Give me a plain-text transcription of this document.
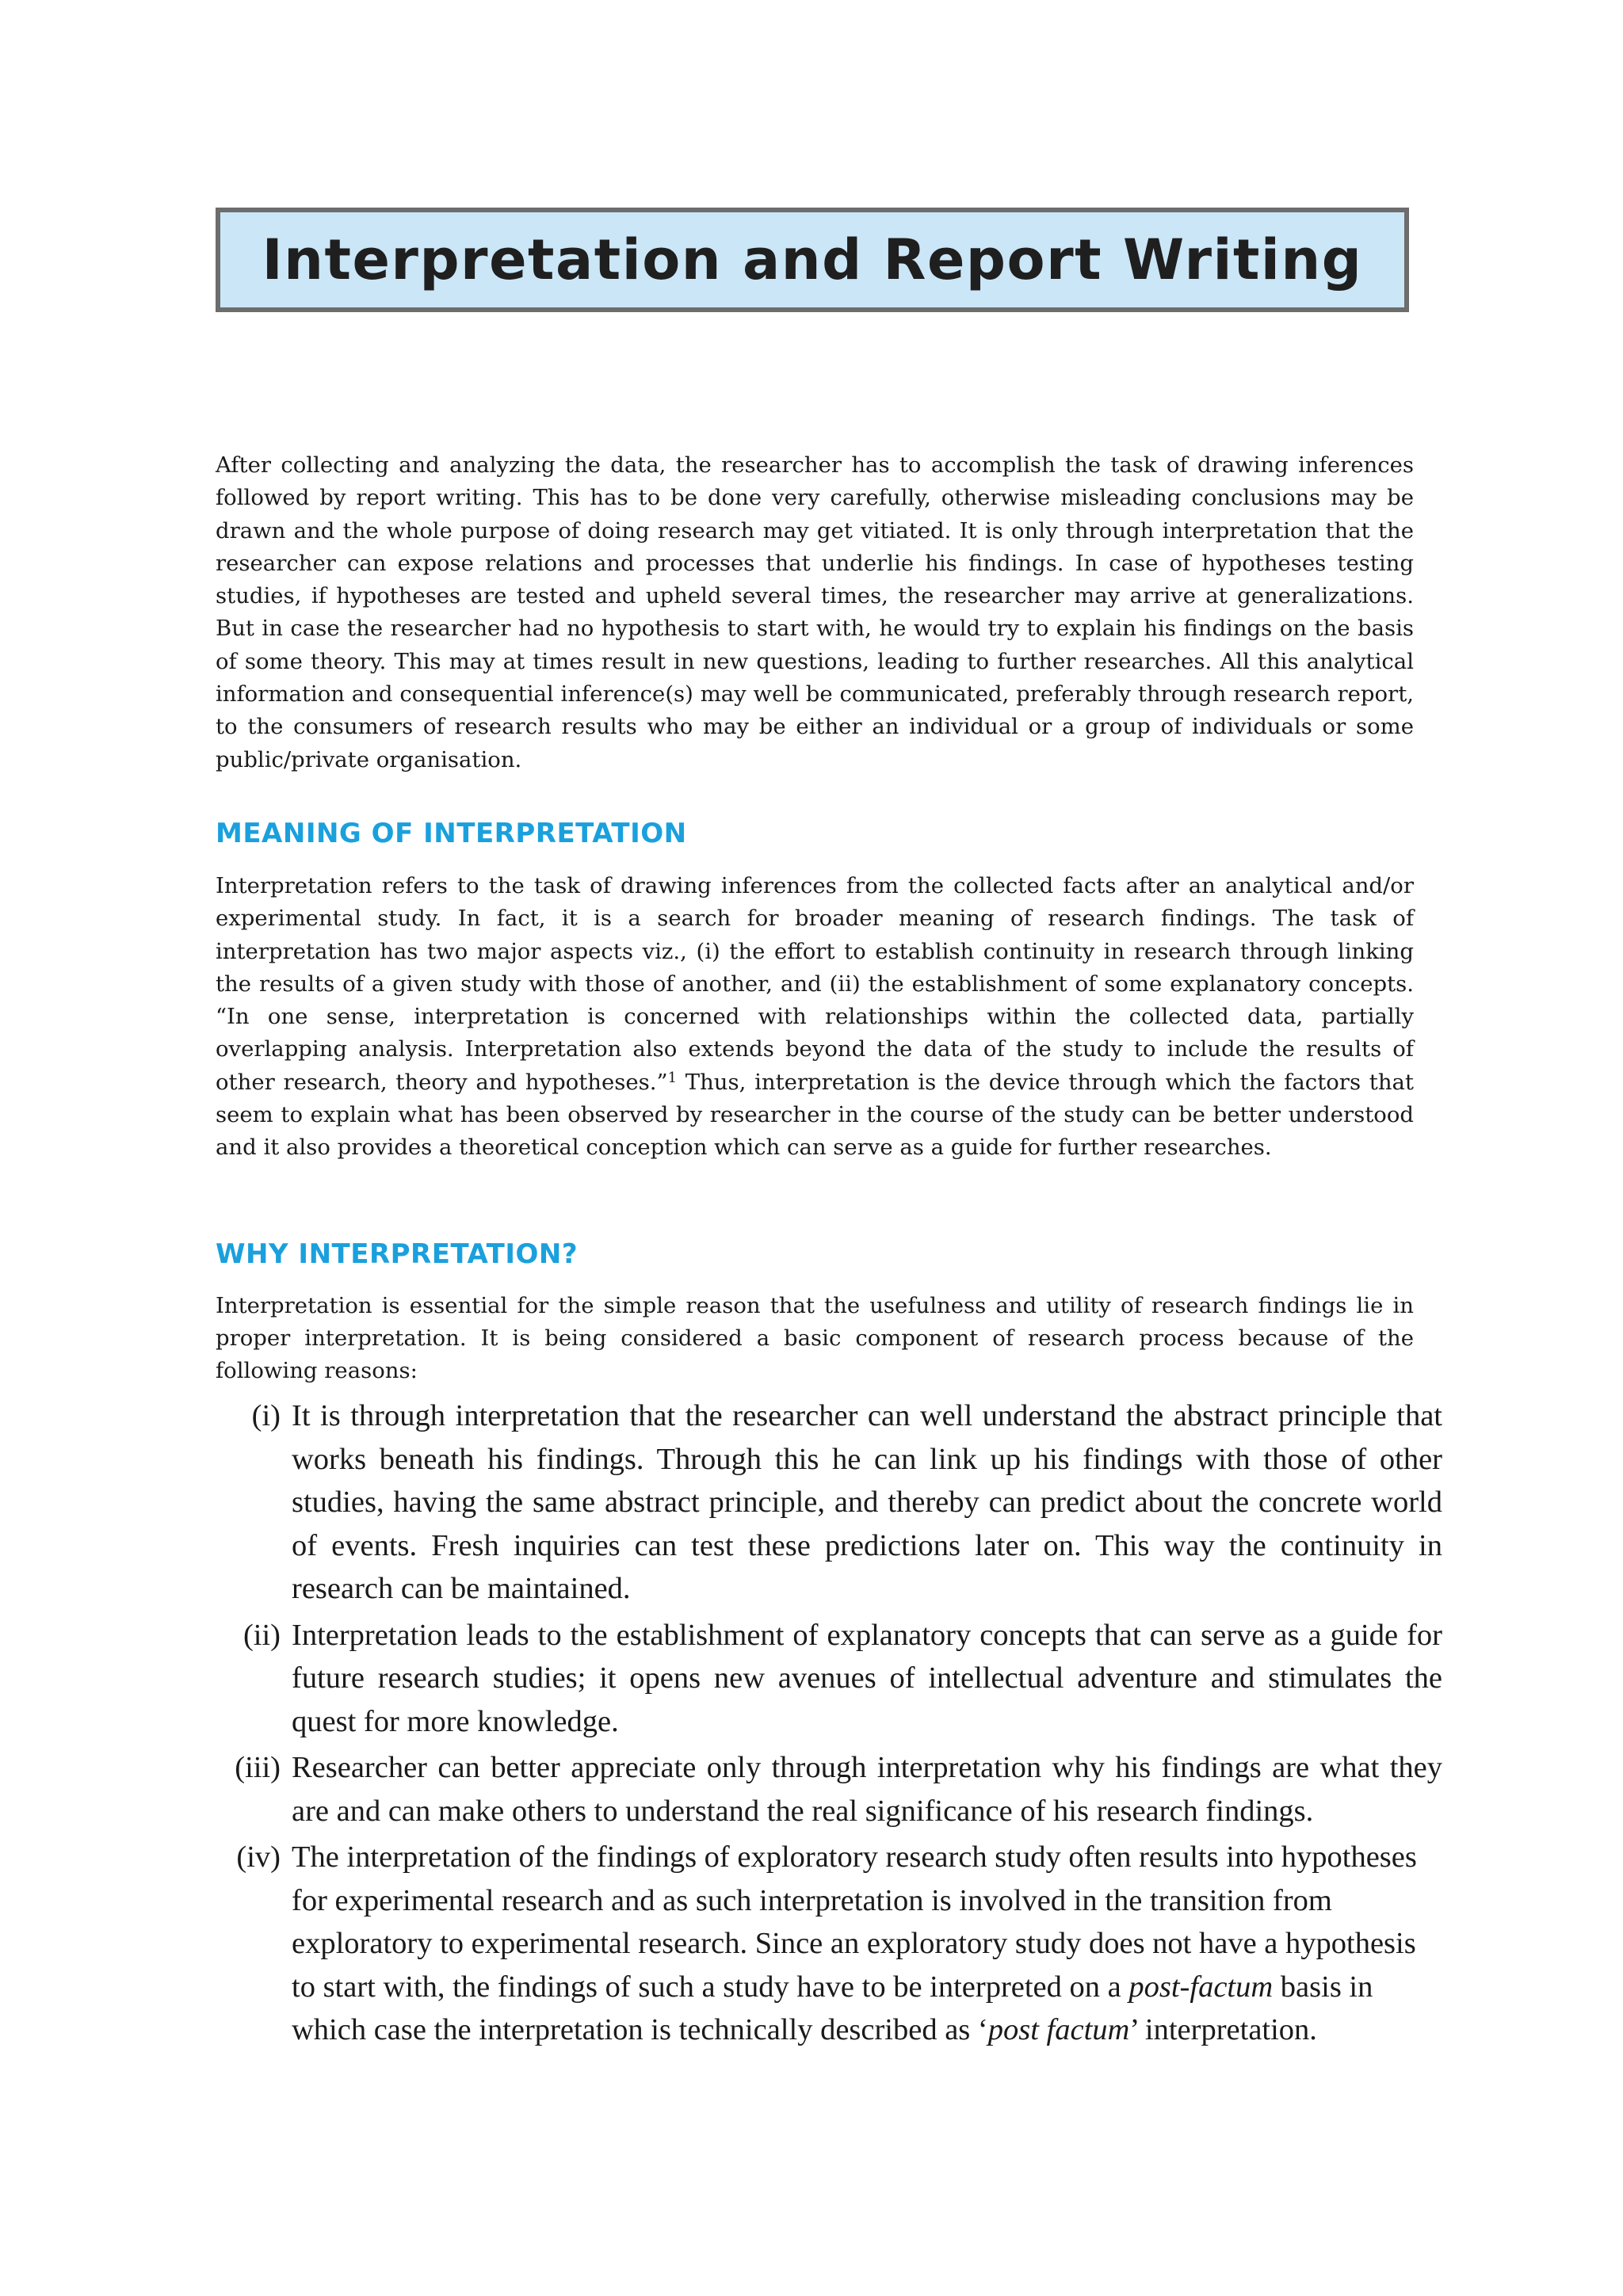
Interpretation and Report Writing

After collecting and analyzing the data, the researcher has to accomplish the task of drawing inferences followed by report writing. This has to be done very carefully, otherwise misleading conclusions may be drawn and the whole purpose of doing research may get vitiated. It is only through interpretation that the researcher can expose relations and processes that underlie his findings. In case of hypotheses testing studies, if hypotheses are tested and upheld several times, the researcher may arrive at generalizations. But in case the researcher had no hypothesis to start with, he would try to explain his findings on the basis of some theory. This may at times result in new questions, leading to further researches. All this analytical information and consequential inference(s) may well be communicated, preferably through research report, to the consumers of research results who may be either an individual or a group of individuals or some public/private organisation.

MEANING OF INTERPRETATION

Interpretation refers to the task of drawing inferences from the collected facts after an analytical and/or experimental study. In fact, it is a search for broader meaning of research findings. The task of interpretation has two major aspects viz., (i) the effort to establish continuity in research through linking the results of a given study with those of another, and (ii) the establishment of some explanatory concepts. “In one sense, interpretation is concerned with relationships within the collected data, partially overlapping analysis. Interpretation also extends beyond the data of the study to include the results of other research, theory and hypotheses.”$^1$ Thus, interpretation is the device through which the factors that seem to explain what has been observed by researcher in the course of the study can be better understood and it also provides a theoretical conception which can serve as a guide for further researches.

WHY INTERPRETATION?

Interpretation is essential for the simple reason that the usefulness and utility of research findings lie in proper interpretation. It is being considered a basic component of research process because of the following reasons:

(i) It is through interpretation that the researcher can well understand the abstract principle that works beneath his findings. Through this he can link up his findings with those of other studies, having the same abstract principle, and thereby can predict about the concrete world of events. Fresh inquiries can test these predictions later on. This way the continuity in research can be maintained.
(ii) Interpretation leads to the establishment of explanatory concepts that can serve as a guide for future research studies; it opens new avenues of intellectual adventure and stimulates the quest for more knowledge.
(iii) Researcher can better appreciate only through interpretation why his findings are what they are and can make others to understand the real significance of his research findings.
(iv) The interpretation of the findings of exploratory research study often results into hypotheses for experimental research and as such interpretation is involved in the transition from exploratory to experimental research. Since an exploratory study does not have a hypothesis to start with, the findings of such a study have to be interpreted on a post-factum basis in which case the interpretation is technically described as ‘post factum’ interpretation.
